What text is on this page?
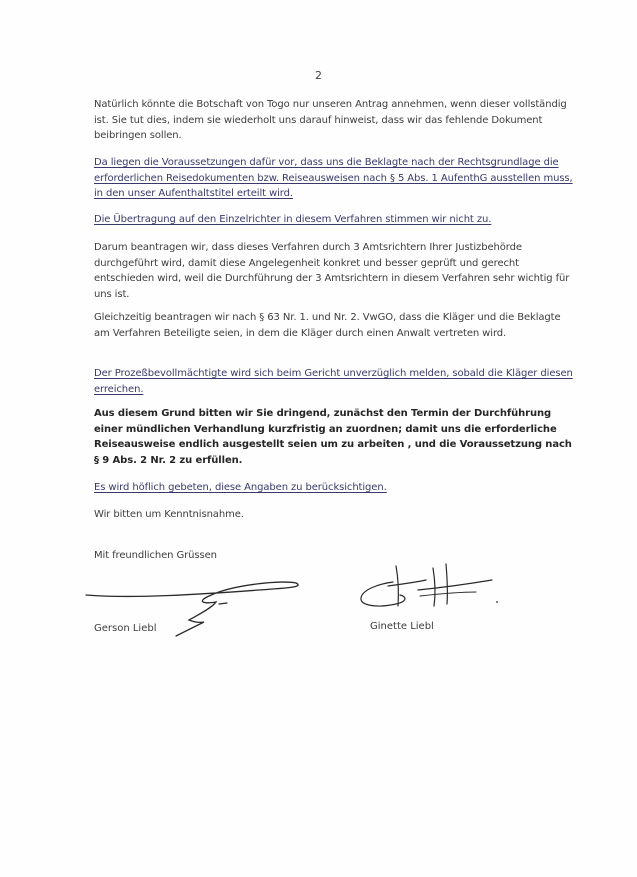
2

Natürlich könnte die Botschaft von Togo nur unseren Antrag annehmen, wenn dieser vollständig ist. Sie tut dies, indem sie wiederholt uns darauf hinweist, dass wir das fehlende Dokument beibringen sollen.

Da liegen die Voraussetzungen dafür vor, dass uns die Beklagte nach der Rechtsgrundlage die erforderlichen Reisedokumenten bzw. Reiseausweisen nach § 5 Abs. 1 AufenthG ausstellen muss, in den unser Aufenthaltstitel erteilt wird.

Die Übertragung auf den Einzelrichter in diesem Verfahren stimmen wir nicht zu.

Darum beantragen wir, dass dieses Verfahren durch 3 Amtsrichtern Ihrer Justizbehörde durchgeführt wird, damit diese Angelegenheit konkret und besser geprüft und gerecht entschieden wird, weil die Durchführung der 3 Amtsrichtern in diesem Verfahren sehr wichtig für uns ist.

Gleichzeitig beantragen wir nach § 63 Nr. 1. und Nr. 2. VwGO, dass die Kläger und die Beklagte am Verfahren Beteiligte seien, in dem die Kläger durch einen Anwalt vertreten wird.

Der Prozeßbevollmächtigte wird sich beim Gericht unverzüglich melden, sobald die Kläger diesen erreichen.

Aus diesem Grund bitten wir Sie dringend, zunächst den Termin der Durchführung einer mündlichen Verhandlung kurzfristig an zuordnen; damit uns die erforderliche Reiseausweise endlich ausgestellt seien um zu arbeiten , und die Voraussetzung nach § 9 Abs. 2 Nr. 2 zu erfüllen.

Es wird höflich gebeten, diese Angaben zu berücksichtigen.

Wir bitten um Kenntnisnahme.

Mit freundlichen Grüssen

Gerson Liebl	Ginette Liebl
